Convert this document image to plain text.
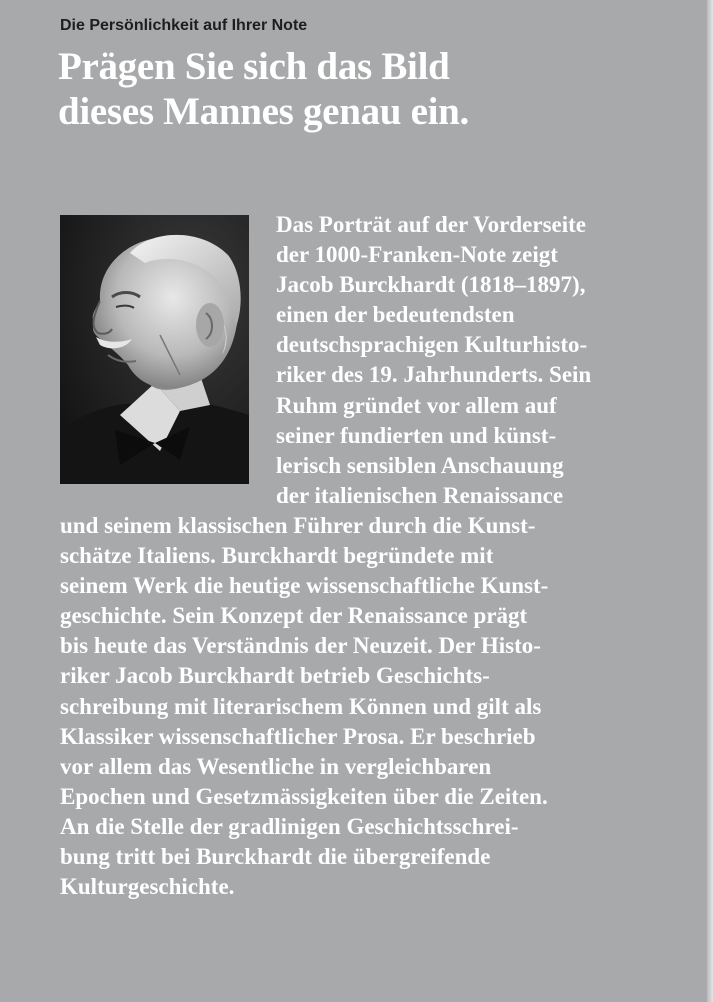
Die Persönlichkeit auf Ihrer Note
Prägen Sie sich das Bild
dieses Mannes genau ein.
Das Porträt auf der Vorderseite
der 1000-Franken-Note zeigt
Jacob Burckhardt (1818–1897),
einen der bedeutendsten
deutschsprachigen Kulturhisto-
riker des 19. Jahrhunderts. Sein
Ruhm gründet vor allem auf
seiner fundierten und künst-
lerisch sensiblen Anschauung
der italienischen Renaissance
und seinem klassischen Führer durch die Kunst-
schätze Italiens. Burckhardt begründete mit
seinem Werk die heutige wissenschaftliche Kunst-
geschichte. Sein Konzept der Renaissance prägt
bis heute das Verständnis der Neuzeit. Der Histo-
riker Jacob Burckhardt betrieb Geschichts-
schreibung mit literarischem Können und gilt als
Klassiker wissenschaftlicher Prosa. Er beschrieb
vor allem das Wesentliche in vergleichbaren
Epochen und Gesetzmässigkeiten über die Zeiten.
An die Stelle der gradlinigen Geschichtsschrei-
bung tritt bei Burckhardt die übergreifende
Kulturgeschichte.
